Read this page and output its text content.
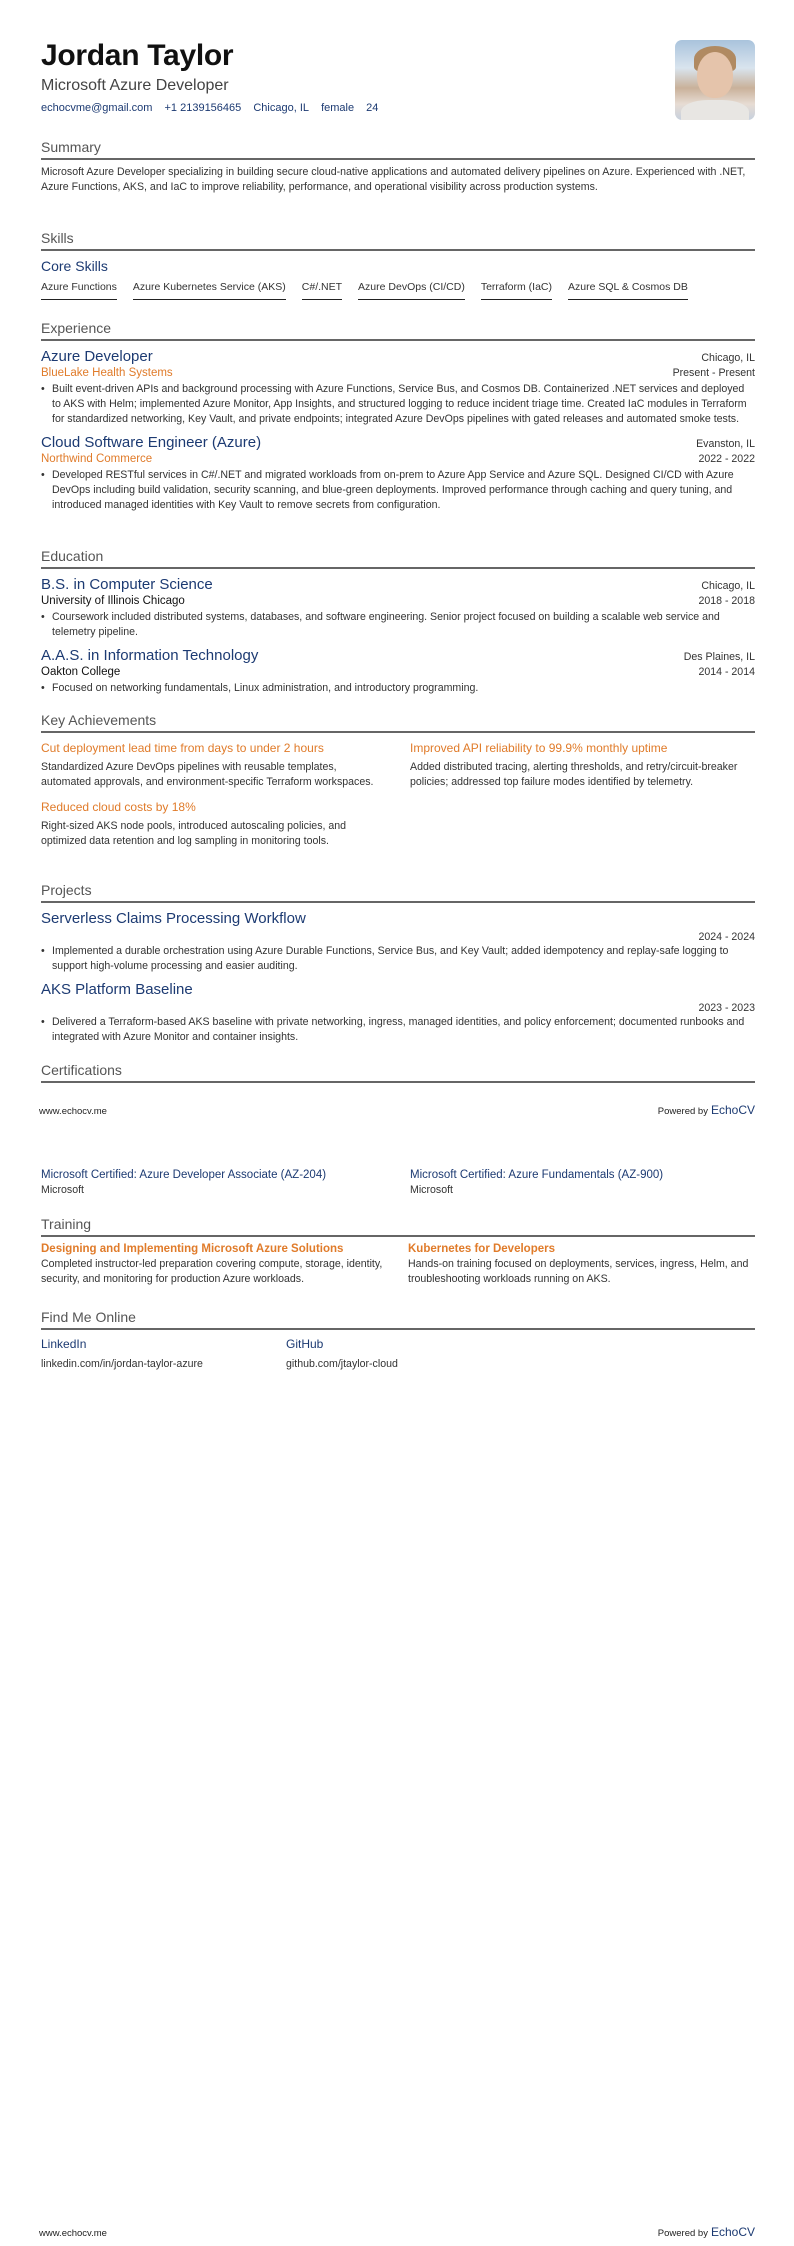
Jordan Taylor
Microsoft Azure Developer
echocvme@gmail.com +1 2139156465 Chicago, IL female 24
Summary
Microsoft Azure Developer specializing in building secure cloud-native applications and automated delivery pipelines on Azure. Experienced with .NET, Azure Functions, AKS, and IaC to improve reliability, performance, and operational visibility across production systems.
Skills
Core Skills
Azure Functions Azure Kubernetes Service (AKS) C#/.NET Azure DevOps (CI/CD) Terraform (IaC) Azure SQL & Cosmos DB
Experience
Azure Developer	Chicago, IL
BlueLake Health Systems	Present - Present
• Built event-driven APIs and background processing with Azure Functions, Service Bus, and Cosmos DB. Containerized .NET services and deployed to AKS with Helm; implemented Azure Monitor, App Insights, and structured logging to reduce incident triage time. Created IaC modules in Terraform for standardized networking, Key Vault, and private endpoints; integrated Azure DevOps pipelines with gated releases and automated smoke tests.
Cloud Software Engineer (Azure)	Evanston, IL
Northwind Commerce	2022 - 2022
• Developed RESTful services in C#/.NET and migrated workloads from on-prem to Azure App Service and Azure SQL. Designed CI/CD with Azure DevOps including build validation, security scanning, and blue-green deployments. Improved performance through caching and query tuning, and introduced managed identities with Key Vault to remove secrets from configuration.
Education
B.S. in Computer Science	Chicago, IL
University of Illinois Chicago	2018 - 2018
• Coursework included distributed systems, databases, and software engineering. Senior project focused on building a scalable web service and telemetry pipeline.
A.A.S. in Information Technology	Des Plaines, IL
Oakton College	2014 - 2014
• Focused on networking fundamentals, Linux administration, and introductory programming.
Key Achievements
Cut deployment lead time from days to under 2 hours
Standardized Azure DevOps pipelines with reusable templates, automated approvals, and environment-specific Terraform workspaces.
Improved API reliability to 99.9% monthly uptime
Added distributed tracing, alerting thresholds, and retry/circuit-breaker policies; addressed top failure modes identified by telemetry.
Reduced cloud costs by 18%
Right-sized AKS node pools, introduced autoscaling policies, and optimized data retention and log sampling in monitoring tools.
Projects
Serverless Claims Processing Workflow
2024 - 2024
• Implemented a durable orchestration using Azure Durable Functions, Service Bus, and Key Vault; added idempotency and replay-safe logging to support high-volume processing and easier auditing.
AKS Platform Baseline
2023 - 2023
• Delivered a Terraform-based AKS baseline with private networking, ingress, managed identities, and policy enforcement; documented runbooks and integrated with Azure Monitor and container insights.
Certifications
www.echocv.me	Powered by EchoCV
Microsoft Certified: Azure Developer Associate (AZ-204)
Microsoft
Microsoft Certified: Azure Fundamentals (AZ-900)
Microsoft
Training
Designing and Implementing Microsoft Azure Solutions
Completed instructor-led preparation covering compute, storage, identity, security, and monitoring for production Azure workloads.
Kubernetes for Developers
Hands-on training focused on deployments, services, ingress, Helm, and troubleshooting workloads running on AKS.
Find Me Online
LinkedIn
linkedin.com/in/jordan-taylor-azure
GitHub
github.com/jtaylor-cloud
www.echocv.me	Powered by EchoCV
